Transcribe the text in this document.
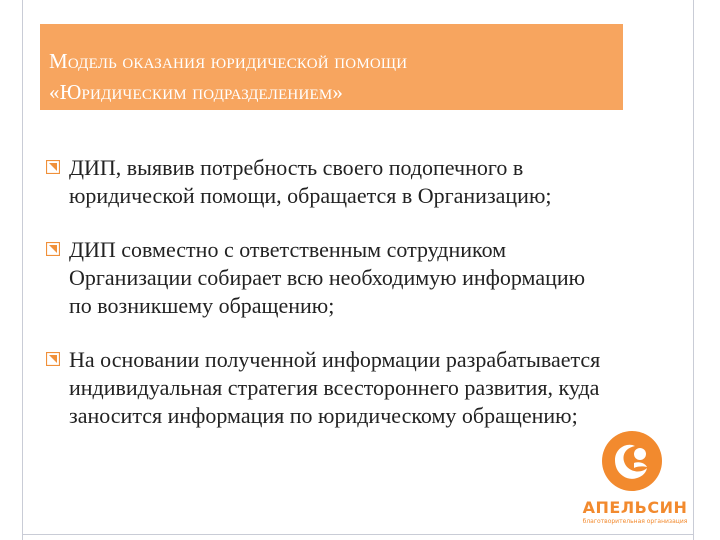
Модель оказания юридической помощи
«Юридическим подразделением»
ДИП, выявив потребность своего подопечного в юридической помощи, обращается в Организацию;
ДИП совместно с ответственным сотрудником Организации собирает всю необходимую информацию по возникшему обращению;
На основании полученной информации разрабатывается индивидуальная стратегия всестороннего развития, куда заносится информация по юридическому обращению;
АПЕЛЬСИН
благотворительная организация
